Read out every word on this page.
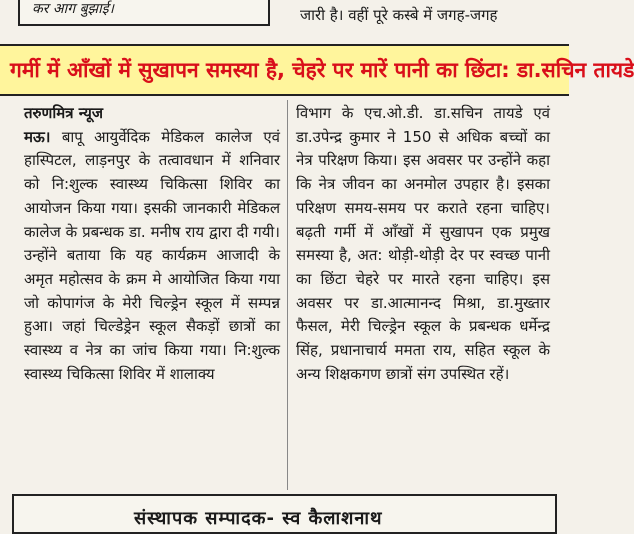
कर आग बुझाई।	जारी है। वहीं पूरे कस्बे में जगह-जगह
गर्मी में आँखों में सुखापन समस्या है, चेहरे पर मारें पानी का छिंटा: डा.सचिन तायडे
तरुणमित्र न्यूज

मऊ। बापू आयुर्वेदिक मेडिकल कालेज एवं हास्पिटल, लाड़नपुर के तत्वावधान में शनिवार को नि:शुल्क स्वास्थ्य चिकित्सा शिविर का आयोजन किया गया। इसकी जानकारी मेडिकल कालेज के प्रबन्धक डा. मनीष राय द्वारा दी गयी। उन्होंने बताया कि यह कार्यक्रम आजादी के अमृत महोत्सव के क्रम मे आयोजित किया गया जो कोपागंज के मेरी चिल्ड्रेन स्कूल में सम्पन्न हुआ। जहां चिल्डेड्रेन स्कूल सैकड़ों छात्रों का स्वास्थ्य व नेत्र का जांच किया गया। नि:शुल्क स्वास्थ्य चिकित्सा शिविर में शालाक्य

विभाग के एच.ओ.डी. डा.सचिन तायडे एवं डा.उपेन्द्र कुमार ने 150 से अधिक बच्चों का नेत्र परिक्षण किया। इस अवसर पर उन्होंने कहा कि नेत्र जीवन का अनमोल उपहार है। इसका परिक्षण समय-समय पर कराते रहना चाहिए। बढ़ती गर्मी में आँखों में सुखापन एक प्रमुख समस्या है, अत: थोड़ी-थोड़ी देर पर स्वच्छ पानी का छिंटा चेहरे पर मारते रहना चाहिए। इस अवसर पर डा.आत्मानन्द मिश्रा, डा.मुख्तार फैसल, मेरी चिल्ड्रेन स्कूल के प्रबन्धक धर्मेन्द्र सिंह, प्रधानाचार्य ममता राय, सहित स्कूल के अन्य शिक्षकगण छात्रों संग उपस्थित रहें।

संस्थापक सम्पादक- स्व कैलाशनाथ
